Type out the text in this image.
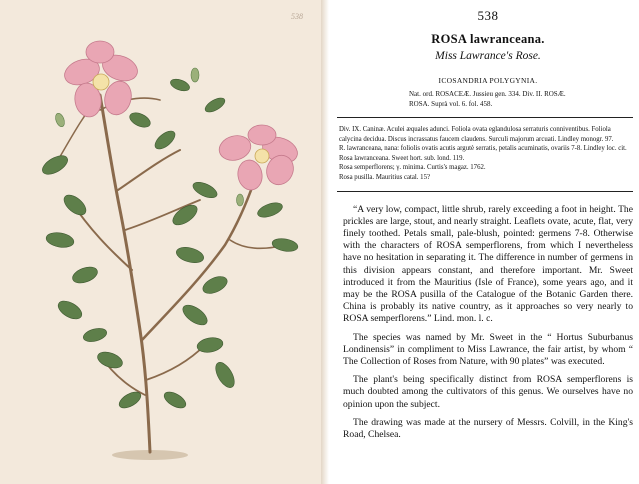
538	538
ROSA lawranceana.
Miss Lawrance's Rose.
ICOSANDRIA POLYGYNIA.
Nat. ord. ROSACEÆ. Jussieu gen. 334. Div. II. ROSÆ.
ROSA. Suprà vol. 6. fol. 458.

Div. IX. Caninæ. Aculei æquales adunci. Foliola ovata eglandulosa serraturis conniventibus. Foliola calycina decidua. Discus incrassatus faucem claudens. Surculi majorum arcuati. Lindley monogr. 97.

R. lawranceana, nana: foliolis ovatis acutis argutè serratis, petalis acuminatis, ovariis 7-8. Lindley loc. cit.

Rosa lawranceana. Sweet hort. sub. lond. 119.

Rosa semperflorens; γ. minima. Curtis's magaz. 1762.

Rosa pusilla. Mauritius catal. 15?

“A very low, compact, little shrub, rarely exceeding a foot in height. The prickles are large, stout, and nearly straight. Leaflets ovate, acute, flat, very finely toothed. Petals small, pale-blush, pointed: germens 7-8. Otherwise with the characters of ROSA semperflorens, from which I nevertheless have no hesitation in separating it. The difference in number of germens in this division appears constant, and therefore important. Mr. Sweet introduced it from the Mauritius (Isle of France), some years ago, and it may be the ROSA pusilla of the Catalogue of the Botanic Garden there. China is probably its native country, as it approaches so very nearly to ROSA semperflorens.” Lind. mon. l. c.

The species was named by Mr. Sweet in the “ Hortus Suburbanus Londinensis” in compliment to Miss Lawrance, the fair artist, by whom “ The Collection of Roses from Nature, with 90 plates” was executed.

The plant's being specifically distinct from ROSA semperflorens is much doubted among the cultivators of this genus. We ourselves have no opinion upon the subject.

The drawing was made at the nursery of Messrs. Colvill, in the King's Road, Chelsea.
